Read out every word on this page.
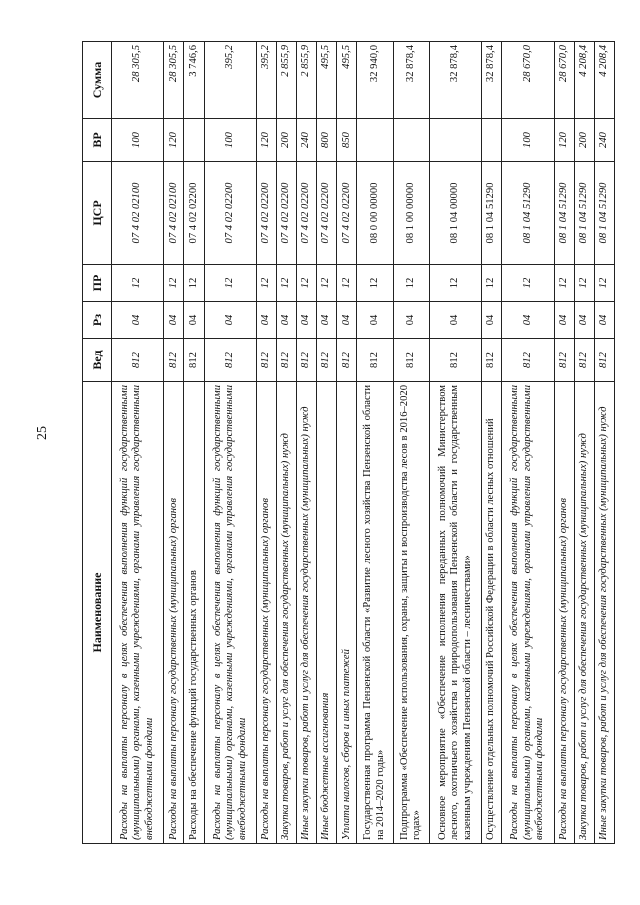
25
Наименование	Вед	Рз	ПР	ЦСР	ВР	Сумма
Расходы на выплаты персоналу в целях обеспечения выполнения функций государственными (муниципальными) органами, казенными учреждениями, органами управления государственными внебюджетными фондами	812	04	12	07 4 02 02100	100	28 305,5
Расходы на выплаты персоналу государственных (муниципальных) органов	812	04	12	07 4 02 02100	120	28 305,5
Расходы на обеспечение функций государственных органов	812	04	12	07 4 02 02200		3 746,6
Расходы на выплаты персоналу в целях обеспечения выполнения функций государственными (муниципальными) органами, казенными учреждениями, органами управления государственными внебюджетными фондами	812	04	12	07 4 02 02200	100	395,2
Расходы на выплаты персоналу государственных (муниципальных) органов	812	04	12	07 4 02 02200	120	395,2
Закупка товаров, работ и услуг для обеспечения государственных (муниципальных) нужд	812	04	12	07 4 02 02200	200	2 855,9
Иные закупки товаров, работ и услуг для обеспечения государственных (муниципальных) нужд	812	04	12	07 4 02 02200	240	2 855,9
Иные бюджетные ассигнования	812	04	12	07 4 02 02200	800	495,5
Уплата налогов, сборов и иных платежей	812	04	12	07 4 02 02200	850	495,5
Государственная программа Пензенской области «Развитие лесного хозяйства Пензенской области на 2014–2020 годы»	812	04	12	08 0 00 00000		32 940,0
Подпрограмма «Обеспечение использования, охраны, защиты и воспроизводства лесов в 2016–2020 годах»	812	04	12	08 1 00 00000		32 878,4
Основное мероприятие «Обеспечение исполнения переданных полномочий Министерством лесного, охотничьего хозяйства и природопользования Пензенской области и государственным казенным учреждениям Пензенской области – лесничествами»	812	04	12	08 1 04 00000		32 878,4
Осуществление отдельных полномочий Российской Федерации в области лесных отношений	812	04	12	08 1 04 51290		32 878,4
Расходы на выплаты персоналу в целях обеспечения выполнения функций государственными (муниципальными) органами, казенными учреждениями, органами управления государственными внебюджетными фондами	812	04	12	08 1 04 51290	100	28 670,0
Расходы на выплаты персоналу государственных (муниципальных) органов	812	04	12	08 1 04 51290	120	28 670,0
Закупка товаров, работ и услуг для обеспечения государственных (муниципальных) нужд	812	04	12	08 1 04 51290	200	4 208,4
Иные закупки товаров, работ и услуг для обеспечения государственных (муниципальных) нужд	812	04	12	08 1 04 51290	240	4 208,4
